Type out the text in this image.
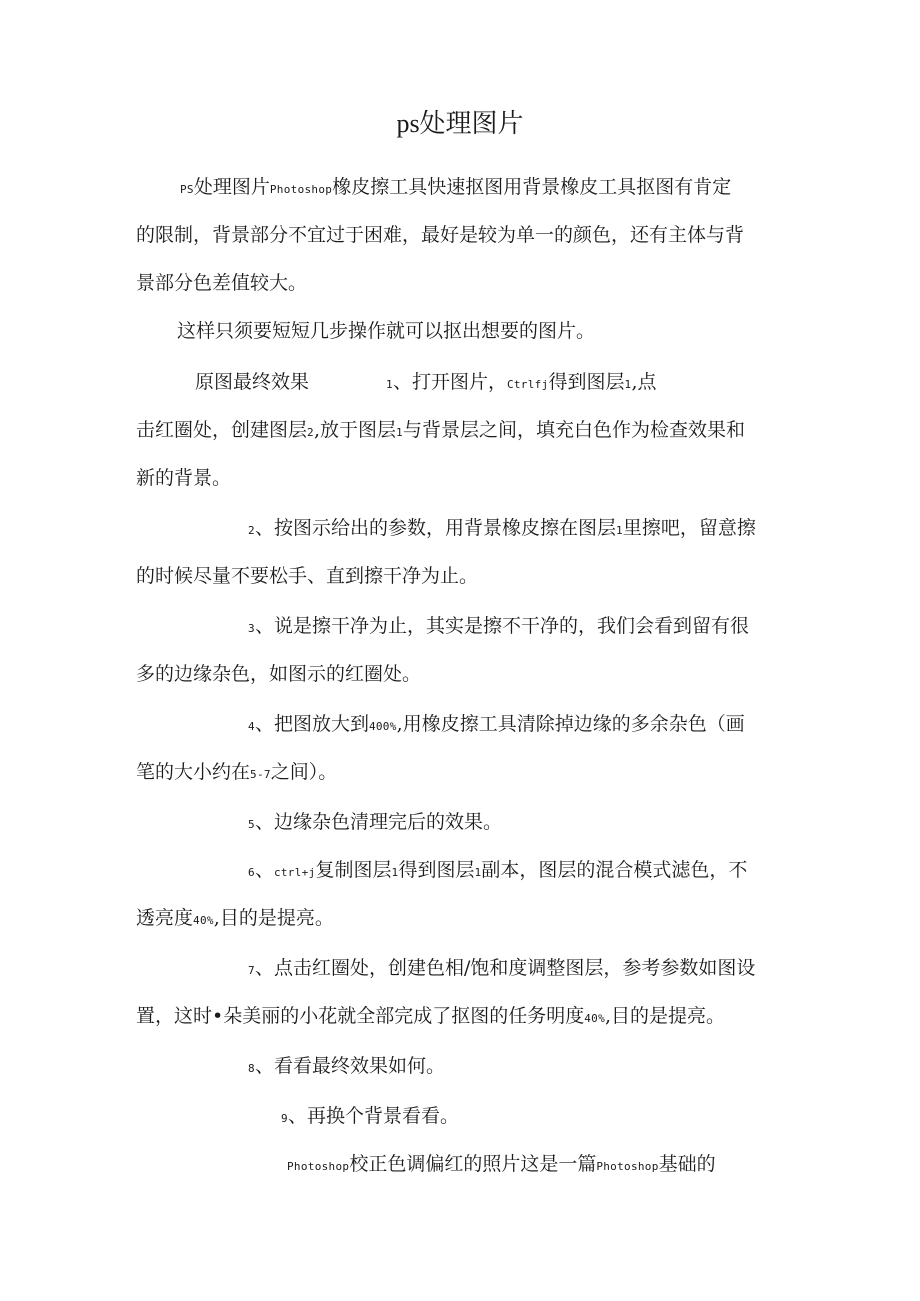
ps处理图片
PS处理图片Photoshop橡皮擦工具快速抠图用背景橡皮工具抠图有肯定
的限制，背景部分不宜过于困难，最好是较为单一的颜色，还有主体与背
景部分色差值较大。
这样只须要短短几步操作就可以抠出想要的图片。
原图最终效果	1、打开图片，Ctrlfj得到图层1,点
击红圈处，创建图层2,放于图层1与背景层之间，填充白色作为检查效果和
新的背景。
2、按图示给出的参数，用背景橡皮擦在图层1里擦吧，留意擦
的时候尽量不要松手、直到擦干净为止。
3、说是擦干净为止，其实是擦不干净的，我们会看到留有很
多的边缘杂色，如图示的红圈处。
4、把图放大到400%,用橡皮擦工具清除掉边缘的多余杂色（画
笔的大小约在5-7之间）。
5、边缘杂色清理完后的效果。
6、ctrl+j复制图层1得到图层1副本，图层的混合模式滤色，不
透亮度40%,目的是提亮。
7、点击红圈处，创建色相/饱和度调整图层，参考参数如图设
置，这时•朵美丽的小花就全部完成了抠图的任务明度40%,目的是提亮。
8、看看最终效果如何。
9、再换个背景看看。
Photoshop校正色调偏红的照片这是一篇Photoshop基础的
